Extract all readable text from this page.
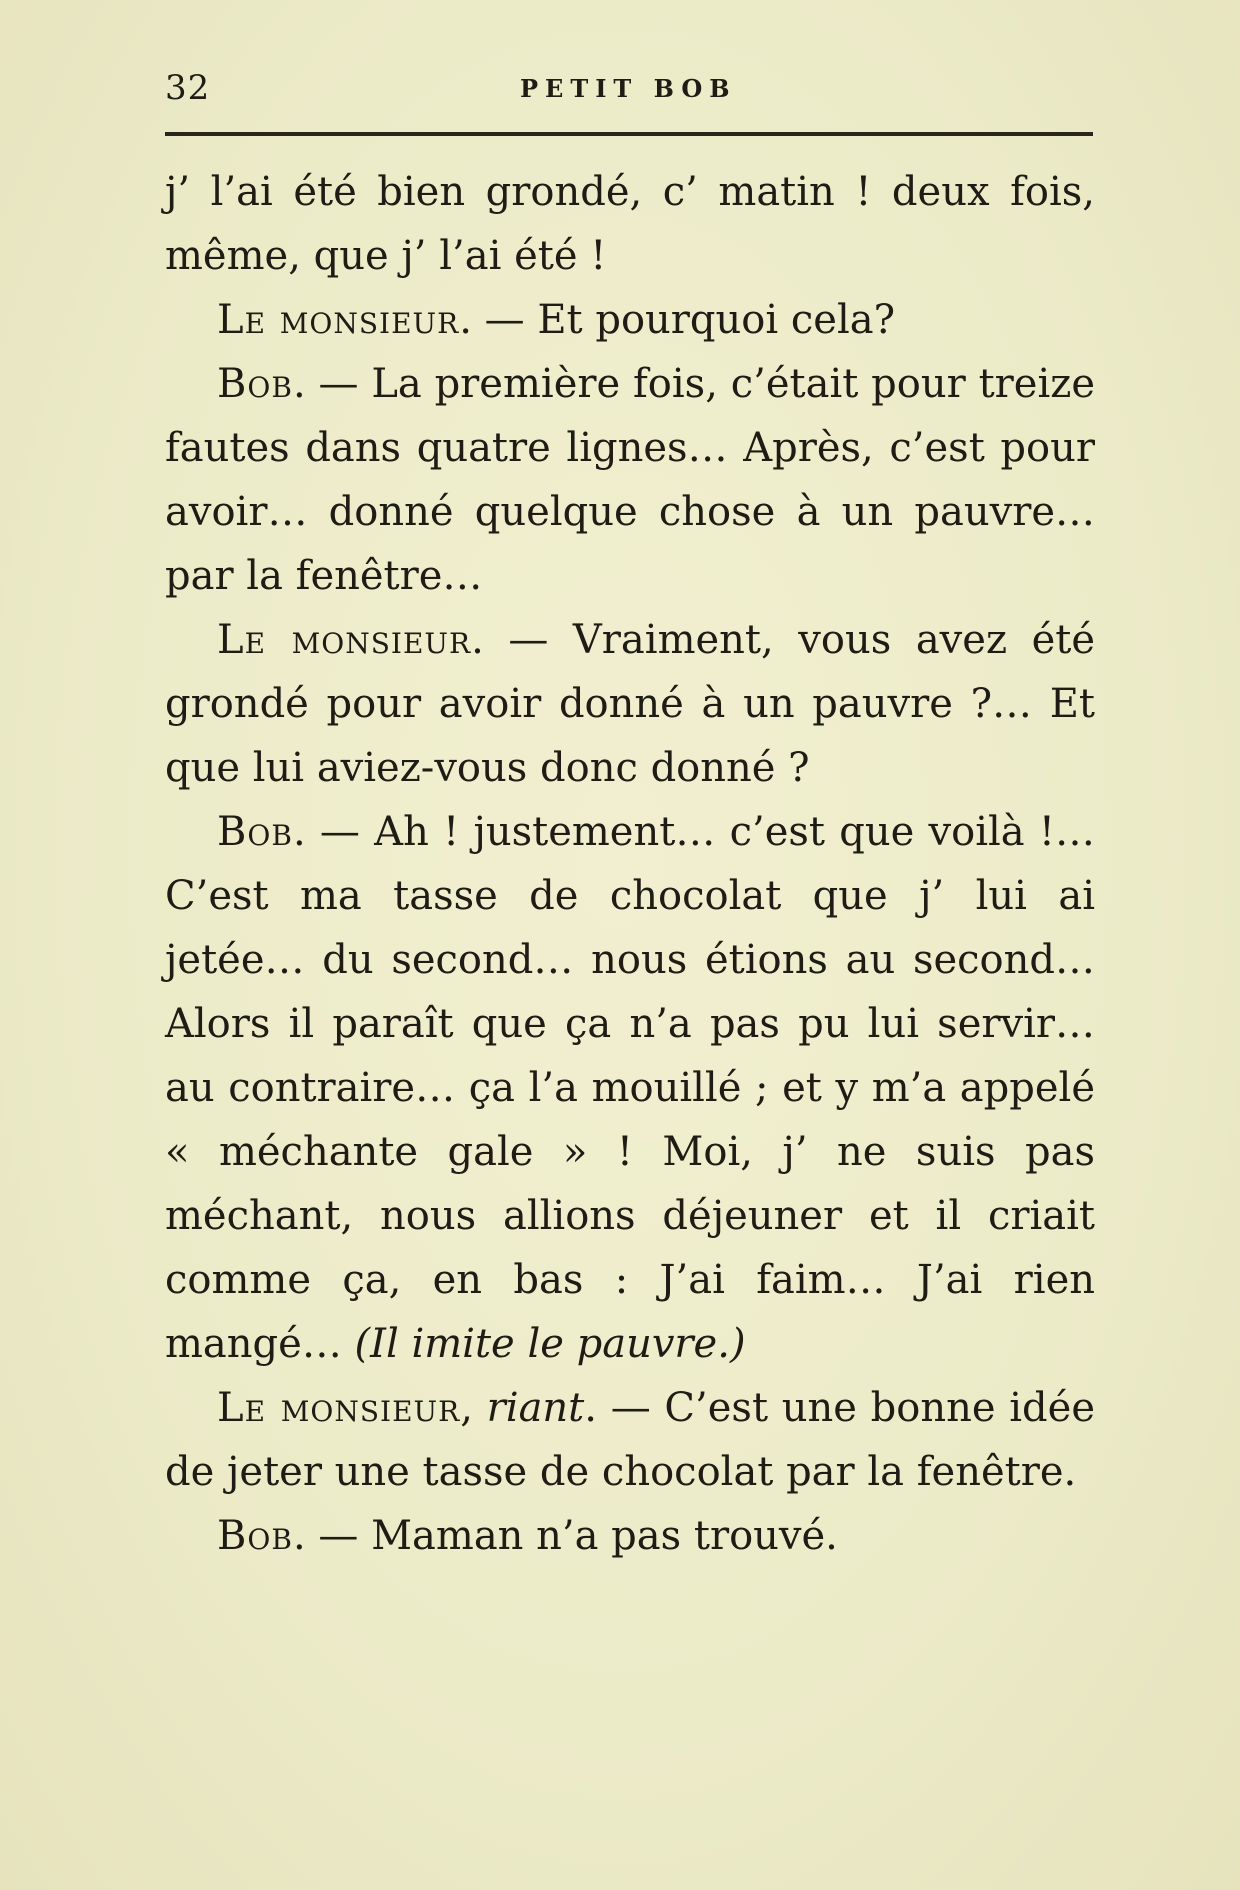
32	PETIT BOB

j’ l’ai été bien grondé, c’ matin ! deux fois, même, que j’ l’ai été !

Le monsieur. — Et pourquoi cela?

Bob. — La première fois, c’était pour treize fautes dans quatre lignes… Après, c’est pour avoir… donné quelque chose à un pauvre… par la fenêtre…

Le monsieur. — Vraiment, vous avez été grondé pour avoir donné à un pauvre ?… Et que lui aviez-vous donc donné ?

Bob. — Ah ! justement… c’est que voilà !… C’est ma tasse de chocolat que j’ lui ai jetée… du second… nous étions au second… Alors il paraît que ça n’a pas pu lui servir… au contraire… ça l’a mouillé ; et y m’a appelé « méchante gale » ! Moi, j’ ne suis pas méchant, nous allions déjeuner et il criait comme ça, en bas : J’ai faim… J’ai rien mangé… (Il imite le pauvre.)

Le monsieur, riant. — C’est une bonne idée de jeter une tasse de chocolat par la fenêtre.

Bob. — Maman n’a pas trouvé.
